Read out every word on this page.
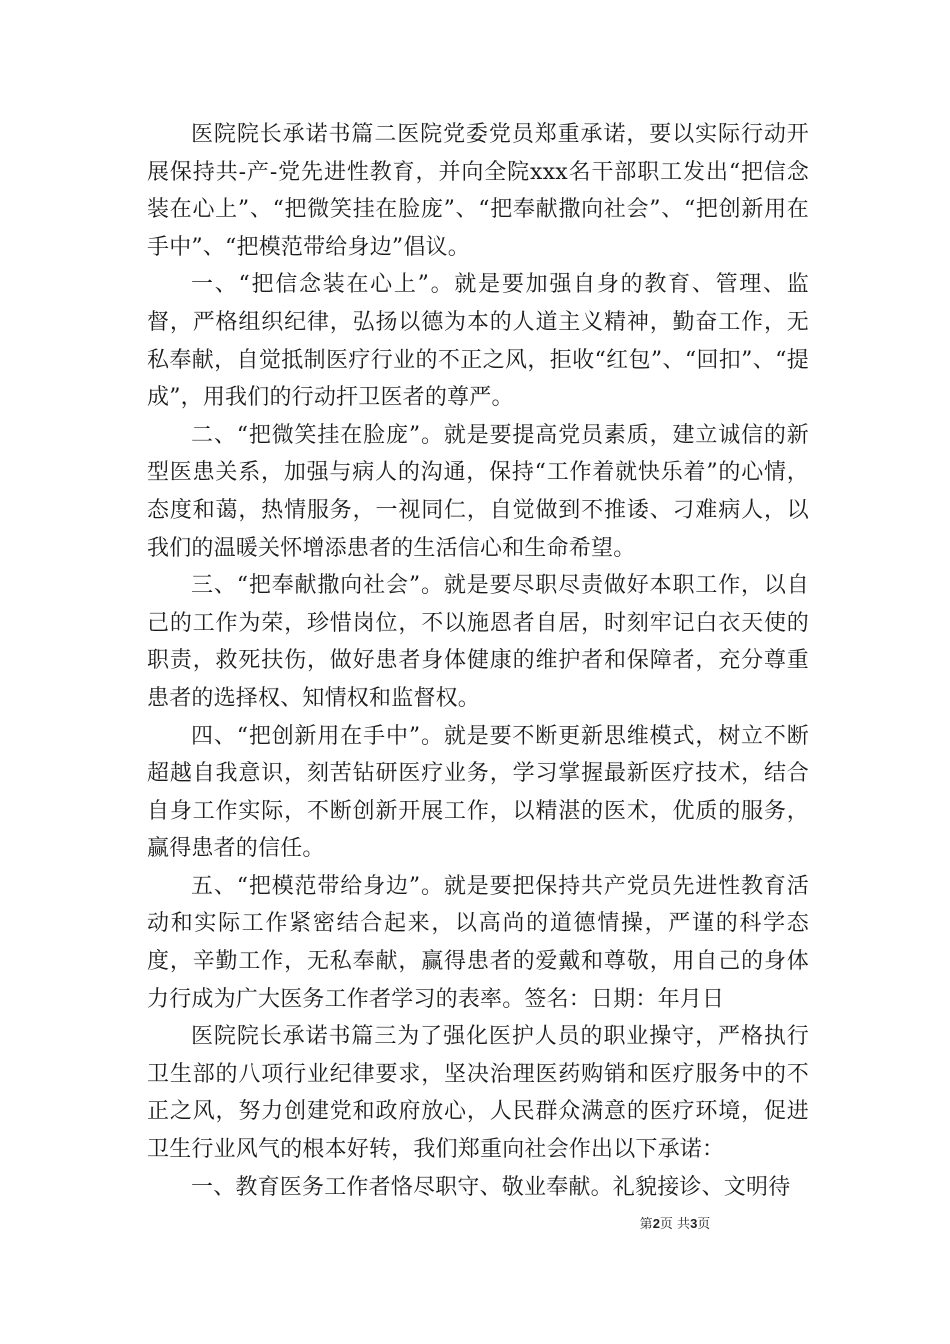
医院院长承诺书篇二医院党委党员郑重承诺，要以实际行动开展保持共-产-党先进性教育，并向全院xxx名干部职工发出“把信念装在心上”、“把微笑挂在脸庞”、“把奉献撒向社会”、“把创新用在手中”、“把模范带给身边”倡议。

一、“把信念装在心上”。就是要加强自身的教育、管理、监督，严格组织纪律，弘扬以德为本的人道主义精神，勤奋工作，无私奉献，自觉抵制医疗行业的不正之风，拒收“红包”、“回扣”、“提成”，用我们的行动扞卫医者的尊严。

二、“把微笑挂在脸庞”。就是要提高党员素质，建立诚信的新型医患关系，加强与病人的沟通，保持“工作着就快乐着”的心情，态度和蔼，热情服务，一视同仁，自觉做到不推诿、刁难病人，以我们的温暖关怀增添患者的生活信心和生命希望。

三、“把奉献撒向社会”。就是要尽职尽责做好本职工作，以自己的工作为荣，珍惜岗位，不以施恩者自居，时刻牢记白衣天使的职责，救死扶伤，做好患者身体健康的维护者和保障者，充分尊重患者的选择权、知情权和监督权。

四、“把创新用在手中”。就是要不断更新思维模式，树立不断超越自我意识，刻苦钻研医疗业务，学习掌握最新医疗技术，结合自身工作实际，不断创新开展工作，以精湛的医术，优质的服务，赢得患者的信任。

五、“把模范带给身边”。就是要把保持共产党员先进性教育活动和实际工作紧密结合起来，以高尚的道德情操，严谨的科学态度，辛勤工作，无私奉献，赢得患者的爱戴和尊敬，用自己的身体力行成为广大医务工作者学习的表率。签名：日期：年月日

医院院长承诺书篇三为了强化医护人员的职业操守，严格执行卫生部的八项行业纪律要求，坚决治理医药购销和医疗服务中的不正之风，努力创建党和政府放心，人民群众满意的医疗环境，促进卫生行业风气的根本好转，我们郑重向社会作出以下承诺：

一、教育医务工作者恪尽职守、敬业奉献。礼貌接诊、文明待

第2页 共3页
